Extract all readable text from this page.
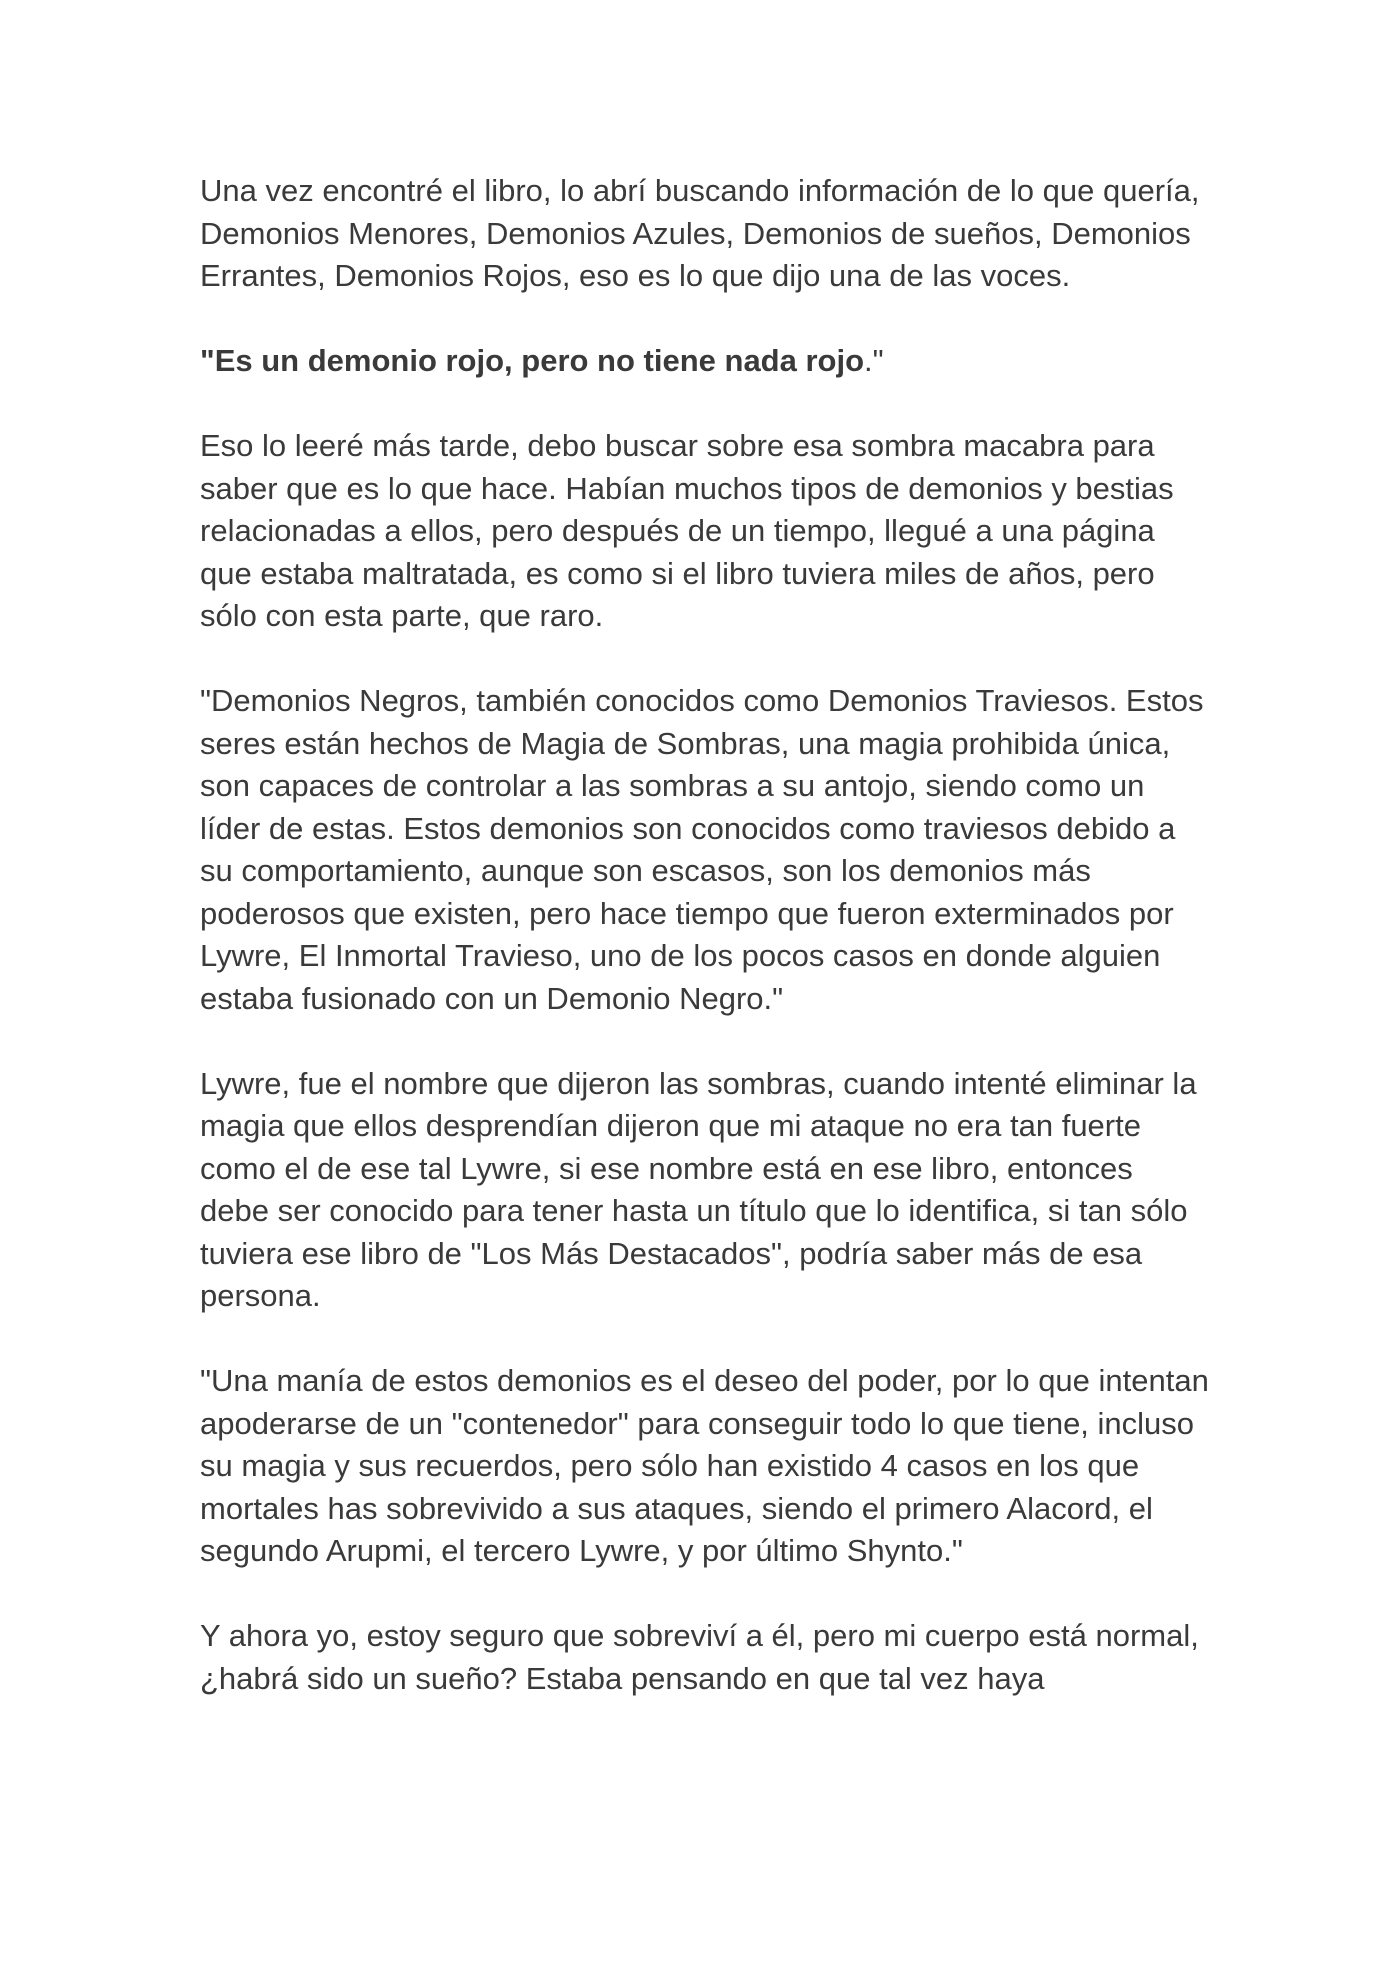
Una vez encontré el libro, lo abrí buscando información de lo que quería, Demonios Menores, Demonios Azules, Demonios de sueños, Demonios Errantes, Demonios Rojos, eso es lo que dijo una de las voces.

"Es un demonio rojo, pero no tiene nada rojo."

Eso lo leeré más tarde, debo buscar sobre esa sombra macabra para saber que es lo que hace. Habían muchos tipos de demonios y bestias relacionadas a ellos, pero después de un tiempo, llegué a una página que estaba maltratada, es como si el libro tuviera miles de años, pero sólo con esta parte, que raro.

"Demonios Negros, también conocidos como Demonios Traviesos. Estos seres están hechos de Magia de Sombras, una magia prohibida única, son capaces de controlar a las sombras a su antojo, siendo como un líder de estas. Estos demonios son conocidos como traviesos debido a su comportamiento, aunque son escasos, son los demonios más poderosos que existen, pero hace tiempo que fueron exterminados por Lywre, El Inmortal Travieso, uno de los pocos casos en donde alguien estaba fusionado con un Demonio Negro."

Lywre, fue el nombre que dijeron las sombras, cuando intenté eliminar la magia que ellos desprendían dijeron que mi ataque no era tan fuerte como el de ese tal Lywre, si ese nombre está en ese libro, entonces debe ser conocido para tener hasta un título que lo identifica, si tan sólo tuviera ese libro de "Los Más Destacados", podría saber más de esa persona.

"Una manía de estos demonios es el deseo del poder, por lo que intentan apoderarse de un "contenedor" para conseguir todo lo que tiene, incluso su magia y sus recuerdos, pero sólo han existido 4 casos en los que mortales has sobrevivido a sus ataques, siendo el primero Alacord, el segundo Arupmi, el tercero Lywre, y por último Shynto."

Y ahora yo, estoy seguro que sobreviví a él, pero mi cuerpo está normal, ¿habrá sido un sueño? Estaba pensando en que tal vez haya
